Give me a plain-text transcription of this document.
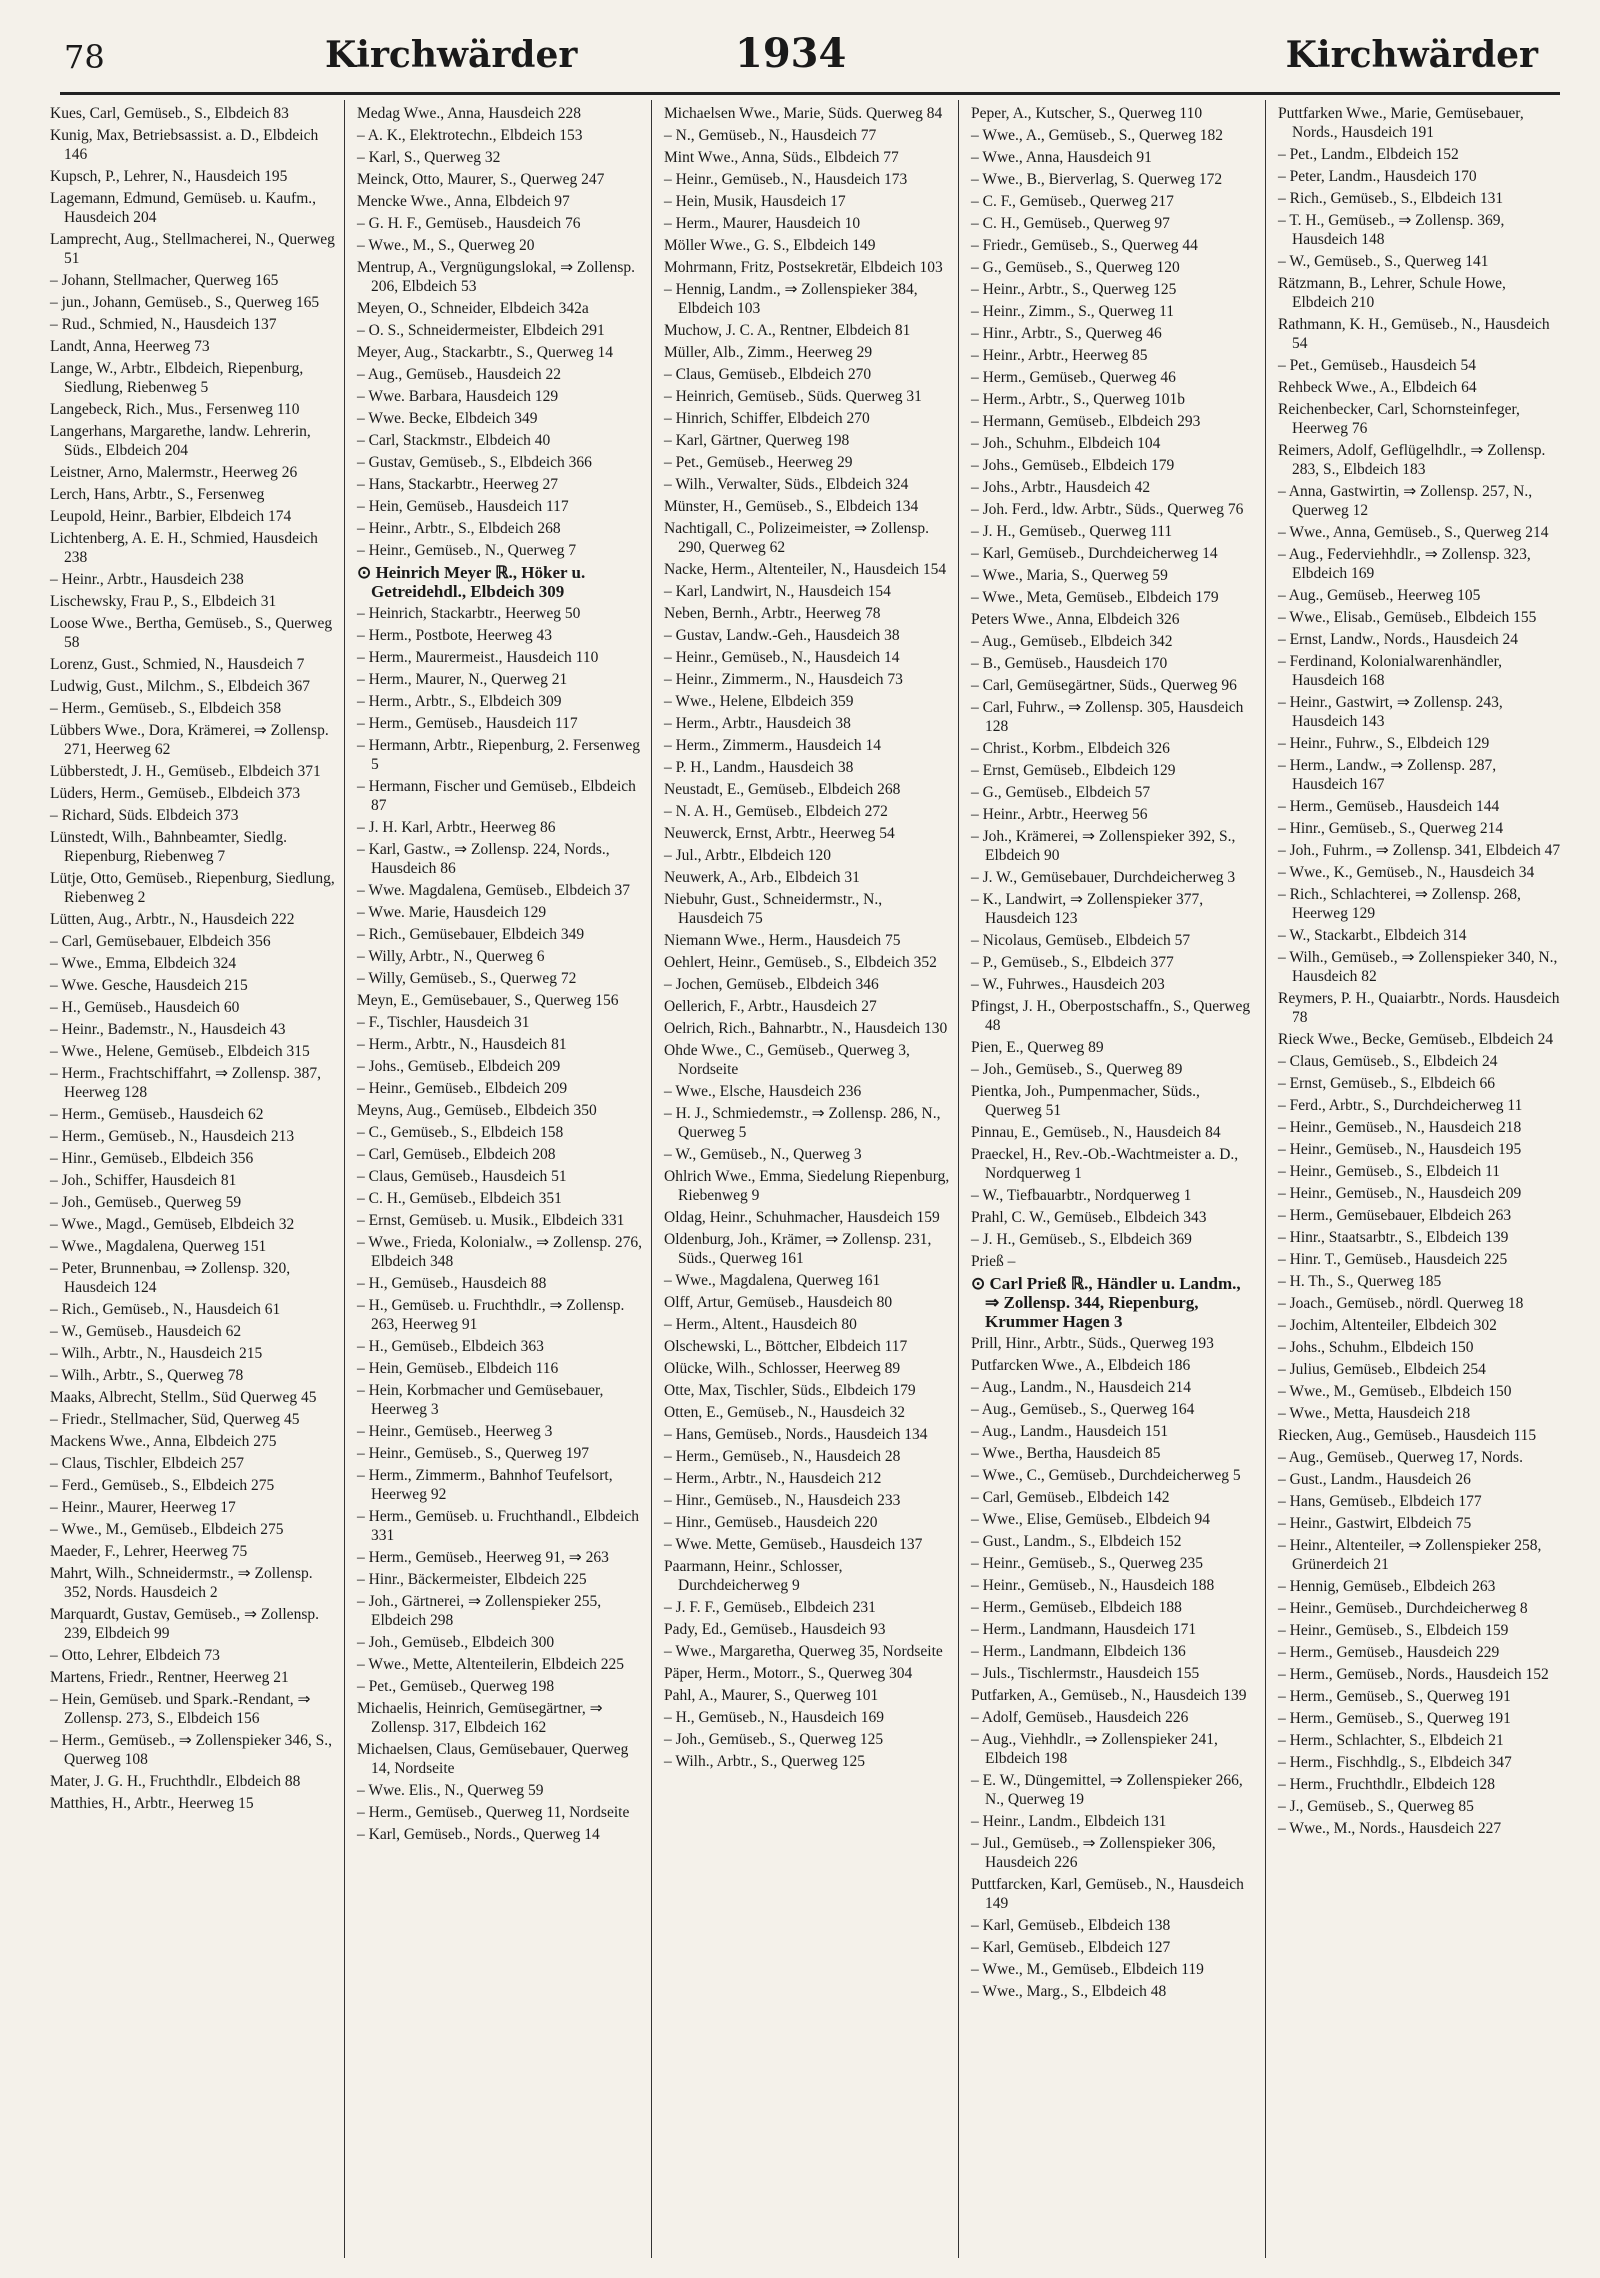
78	Kirchwärder	1934	Kirchwärder

Kues, Carl, Gemüseb., S., Elbdeich 83

Kunig, Max, Betriebsassist. a. D., Elbdeich 146

Kupsch, P., Lehrer, N., Hausdeich 195

Lagemann, Edmund, Gemüseb. u. Kaufm., Hausdeich 204

Lamprecht, Aug., Stellmacherei, N., Querweg 51

– Johann, Stellmacher, Querweg 165

– jun., Johann, Gemüseb., S., Querweg 165

– Rud., Schmied, N., Hausdeich 137

Landt, Anna, Heerweg 73

Lange, W., Arbtr., Elbdeich, Riepenburg, Siedlung, Riebenweg 5

Langebeck, Rich., Mus., Fersenweg 110

Langerhans, Margarethe, landw. Lehrerin, Süds., Elbdeich 204

Leistner, Arno, Malermstr., Heerweg 26

Lerch, Hans, Arbtr., S., Fersenweg

Leupold, Heinr., Barbier, Elbdeich 174

Lichtenberg, A. E. H., Schmied, Hausdeich 238

– Heinr., Arbtr., Hausdeich 238

Lischewsky, Frau P., S., Elbdeich 31

Loose Wwe., Bertha, Gemüseb., S., Querweg 58

Lorenz, Gust., Schmied, N., Hausdeich 7

Ludwig, Gust., Milchm., S., Elbdeich 367

– Herm., Gemüseb., S., Elbdeich 358

Lübbers Wwe., Dora, Krämerei, ⇒ Zollensp. 271, Heerweg 62

Lübberstedt, J. H., Gemüseb., Elbdeich 371

Lüders, Herm., Gemüseb., Elbdeich 373

– Richard, Süds. Elbdeich 373

Lünstedt, Wilh., Bahnbeamter, Siedlg. Riepenburg, Riebenweg 7

Lütje, Otto, Gemüseb., Riepenburg, Siedlung, Riebenweg 2

Lütten, Aug., Arbtr., N., Hausdeich 222

– Carl, Gemüsebauer, Elbdeich 356

– Wwe., Emma, Elbdeich 324

– Wwe. Gesche, Hausdeich 215

– H., Gemüseb., Hausdeich 60

– Heinr., Bademstr., N., Hausdeich 43

– Wwe., Helene, Gemüseb., Elbdeich 315

– Herm., Frachtschiffahrt, ⇒ Zollensp. 387, Heerweg 128

– Herm., Gemüseb., Hausdeich 62

– Herm., Gemüseb., N., Hausdeich 213

– Hinr., Gemüseb., Elbdeich 356

– Joh., Schiffer, Hausdeich 81

– Joh., Gemüseb., Querweg 59

– Wwe., Magd., Gemüseb, Elbdeich 32

– Wwe., Magdalena, Querweg 151

– Peter, Brunnenbau, ⇒ Zollensp. 320, Hausdeich 124

– Rich., Gemüseb., N., Hausdeich 61

– W., Gemüseb., Hausdeich 62

– Wilh., Arbtr., N., Hausdeich 215

– Wilh., Arbtr., S., Querweg 78

Maaks, Albrecht, Stellm., Süd Querweg 45

– Friedr., Stellmacher, Süd, Querweg 45

Mackens Wwe., Anna, Elbdeich 275

– Claus, Tischler, Elbdeich 257

– Ferd., Gemüseb., S., Elbdeich 275

– Heinr., Maurer, Heerweg 17

– Wwe., M., Gemüseb., Elbdeich 275

Maeder, F., Lehrer, Heerweg 75

Mahrt, Wilh., Schneidermstr., ⇒ Zollensp. 352, Nords. Hausdeich 2

Marquardt, Gustav, Gemüseb., ⇒ Zollensp. 239, Elbdeich 99

– Otto, Lehrer, Elbdeich 73

Martens, Friedr., Rentner, Heerweg 21

– Hein, Gemüseb. und Spark.-Rendant, ⇒ Zollensp. 273, S., Elbdeich 156

– Herm., Gemüseb., ⇒ Zollenspieker 346, S., Querweg 108

Mater, J. G. H., Fruchthdlr., Elbdeich 88

Matthies, H., Arbtr., Heerweg 15

Medag Wwe., Anna, Hausdeich 228

– A. K., Elektrotechn., Elbdeich 153

– Karl, S., Querweg 32

Meinck, Otto, Maurer, S., Querweg 247

Mencke Wwe., Anna, Elbdeich 97

– G. H. F., Gemüseb., Hausdeich 76

– Wwe., M., S., Querweg 20

Mentrup, A., Vergnügungslokal, ⇒ Zollensp. 206, Elbdeich 53

Meyen, O., Schneider, Elbdeich 342a

– O. S., Schneidermeister, Elbdeich 291

Meyer, Aug., Stackarbtr., S., Querweg 14

– Aug., Gemüseb., Hausdeich 22

– Wwe. Barbara, Hausdeich 129

– Wwe. Becke, Elbdeich 349

– Carl, Stackmstr., Elbdeich 40

– Gustav, Gemüseb., S., Elbdeich 366

– Hans, Stackarbtr., Heerweg 27

– Hein, Gemüseb., Hausdeich 117

– Heinr., Arbtr., S., Elbdeich 268

– Heinr., Gemüseb., N., Querweg 7

⊙ Heinrich Meyer ℝ., Höker u. Getreidehdl., Elbdeich 309

– Heinrich, Stackarbtr., Heerweg 50

– Herm., Postbote, Heerweg 43

– Herm., Maurermeist., Hausdeich 110

– Herm., Maurer, N., Querweg 21

– Herm., Arbtr., S., Elbdeich 309

– Herm., Gemüseb., Hausdeich 117

– Hermann, Arbtr., Riepenburg, 2. Fersenweg 5

– Hermann, Fischer und Gemüseb., Elbdeich 87

– J. H. Karl, Arbtr., Heerweg 86

– Karl, Gastw., ⇒ Zollensp. 224, Nords., Hausdeich 86

– Wwe. Magdalena, Gemüseb., Elbdeich 37

– Wwe. Marie, Hausdeich 129

– Rich., Gemüsebauer, Elbdeich 349

– Willy, Arbtr., N., Querweg 6

– Willy, Gemüseb., S., Querweg 72

Meyn, E., Gemüsebauer, S., Querweg 156

– F., Tischler, Hausdeich 31

– Herm., Arbtr., N., Hausdeich 81

– Johs., Gemüseb., Elbdeich 209

– Heinr., Gemüseb., Elbdeich 209

Meyns, Aug., Gemüseb., Elbdeich 350

– C., Gemüseb., S., Elbdeich 158

– Carl, Gemüseb., Elbdeich 208

– Claus, Gemüseb., Hausdeich 51

– C. H., Gemüseb., Elbdeich 351

– Ernst, Gemüseb. u. Musik., Elbdeich 331

– Wwe., Frieda, Kolonialw., ⇒ Zollensp. 276, Elbdeich 348

– H., Gemüseb., Hausdeich 88

– H., Gemüseb. u. Fruchthdlr., ⇒ Zollensp. 263, Heerweg 91

– H., Gemüseb., Elbdeich 363

– Hein, Gemüseb., Elbdeich 116

– Hein, Korbmacher und Gemüsebauer, Heerweg 3

– Heinr., Gemüseb., Heerweg 3

– Heinr., Gemüseb., S., Querweg 197

– Herm., Zimmerm., Bahnhof Teufelsort, Heerweg 92

– Herm., Gemüseb. u. Fruchthandl., Elbdeich 331

– Herm., Gemüseb., Heerweg 91, ⇒ 263

– Hinr., Bäckermeister, Elbdeich 225

– Joh., Gärtnerei, ⇒ Zollenspieker 255, Elbdeich 298

– Joh., Gemüseb., Elbdeich 300

– Wwe., Mette, Altenteilerin, Elbdeich 225

– Pet., Gemüseb., Querweg 198

Michaelis, Heinrich, Gemüsegärtner, ⇒ Zollensp. 317, Elbdeich 162

Michaelsen, Claus, Gemüsebauer, Querweg 14, Nordseite

– Wwe. Elis., N., Querweg 59

– Herm., Gemüseb., Querweg 11, Nordseite

– Karl, Gemüseb., Nords., Querweg 14

Michaelsen Wwe., Marie, Süds. Querweg 84

– N., Gemüseb., N., Hausdeich 77

Mint Wwe., Anna, Süds., Elbdeich 77

– Heinr., Gemüseb., N., Hausdeich 173

– Hein, Musik, Hausdeich 17

– Herm., Maurer, Hausdeich 10

Möller Wwe., G. S., Elbdeich 149

Mohrmann, Fritz, Postsekretär, Elbdeich 103

– Hennig, Landm., ⇒ Zollenspieker 384, Elbdeich 103

Muchow, J. C. A., Rentner, Elbdeich 81

Müller, Alb., Zimm., Heerweg 29

– Claus, Gemüseb., Elbdeich 270

– Heinrich, Gemüseb., Süds. Querweg 31

– Hinrich, Schiffer, Elbdeich 270

– Karl, Gärtner, Querweg 198

– Pet., Gemüseb., Heerweg 29

– Wilh., Verwalter, Süds., Elbdeich 324

Münster, H., Gemüseb., S., Elbdeich 134

Nachtigall, C., Polizeimeister, ⇒ Zollensp. 290, Querweg 62

Nacke, Herm., Altenteiler, N., Hausdeich 154

– Karl, Landwirt, N., Hausdeich 154

Neben, Bernh., Arbtr., Heerweg 78

– Gustav, Landw.-Geh., Hausdeich 38

– Heinr., Gemüseb., N., Hausdeich 14

– Heinr., Zimmerm., N., Hausdeich 73

– Wwe., Helene, Elbdeich 359

– Herm., Arbtr., Hausdeich 38

– Herm., Zimmerm., Hausdeich 14

– P. H., Landm., Hausdeich 38

Neustadt, E., Gemüseb., Elbdeich 268

– N. A. H., Gemüseb., Elbdeich 272

Neuwerck, Ernst, Arbtr., Heerweg 54

– Jul., Arbtr., Elbdeich 120

Neuwerk, A., Arb., Elbdeich 31

Niebuhr, Gust., Schneidermstr., N., Hausdeich 75

Niemann Wwe., Herm., Hausdeich 75

Oehlert, Heinr., Gemüseb., S., Elbdeich 352

– Jochen, Gemüseb., Elbdeich 346

Oellerich, F., Arbtr., Hausdeich 27

Oelrich, Rich., Bahnarbtr., N., Hausdeich 130

Ohde Wwe., C., Gemüseb., Querweg 3, Nordseite

– Wwe., Elsche, Hausdeich 236

– H. J., Schmiedemstr., ⇒ Zollensp. 286, N., Querweg 5

– W., Gemüseb., N., Querweg 3

Ohlrich Wwe., Emma, Siedelung Riepenburg, Riebenweg 9

Oldag, Heinr., Schuhmacher, Hausdeich 159

Oldenburg, Joh., Krämer, ⇒ Zollensp. 231, Süds., Querweg 161

– Wwe., Magdalena, Querweg 161

Olff, Artur, Gemüseb., Hausdeich 80

– Herm., Altent., Hausdeich 80

Olschewski, L., Böttcher, Elbdeich 117

Olücke, Wilh., Schlosser, Heerweg 89

Otte, Max, Tischler, Süds., Elbdeich 179

Otten, E., Gemüseb., N., Hausdeich 32

– Hans, Gemüseb., Nords., Hausdeich 134

– Herm., Gemüseb., N., Hausdeich 28

– Herm., Arbtr., N., Hausdeich 212

– Hinr., Gemüseb., N., Hausdeich 233

– Hinr., Gemüseb., Hausdeich 220

– Wwe. Mette, Gemüseb., Hausdeich 137

Paarmann, Heinr., Schlosser, Durchdeicherweg 9

– J. F. F., Gemüseb., Elbdeich 231

Pady, Ed., Gemüseb., Hausdeich 93

– Wwe., Margaretha, Querweg 35, Nordseite

Päper, Herm., Motorr., S., Querweg 304

Pahl, A., Maurer, S., Querweg 101

– H., Gemüseb., N., Hausdeich 169

– Joh., Gemüseb., S., Querweg 125

– Wilh., Arbtr., S., Querweg 125

Peper, A., Kutscher, S., Querweg 110

– Wwe., A., Gemüseb., S., Querweg 182

– Wwe., Anna, Hausdeich 91

– Wwe., B., Bierverlag, S. Querweg 172

– C. F., Gemüseb., Querweg 217

– C. H., Gemüseb., Querweg 97

– Friedr., Gemüseb., S., Querweg 44

– G., Gemüseb., S., Querweg 120

– Heinr., Arbtr., S., Querweg 125

– Heinr., Zimm., S., Querweg 11

– Hinr., Arbtr., S., Querweg 46

– Heinr., Arbtr., Heerweg 85

– Herm., Gemüseb., Querweg 46

– Herm., Arbtr., S., Querweg 101b

– Hermann, Gemüseb., Elbdeich 293

– Joh., Schuhm., Elbdeich 104

– Johs., Gemüseb., Elbdeich 179

– Johs., Arbtr., Hausdeich 42

– Joh. Ferd., ldw. Arbtr., Süds., Querweg 76

– J. H., Gemüseb., Querweg 111

– Karl, Gemüseb., Durchdeicherweg 14

– Wwe., Maria, S., Querweg 59

– Wwe., Meta, Gemüseb., Elbdeich 179

Peters Wwe., Anna, Elbdeich 326

– Aug., Gemüseb., Elbdeich 342

– B., Gemüseb., Hausdeich 170

– Carl, Gemüsegärtner, Süds., Querweg 96

– Carl, Fuhrw., ⇒ Zollensp. 305, Hausdeich 128

– Christ., Korbm., Elbdeich 326

– Ernst, Gemüseb., Elbdeich 129

– G., Gemüseb., Elbdeich 57

– Heinr., Arbtr., Heerweg 56

– Joh., Krämerei, ⇒ Zollenspieker 392, S., Elbdeich 90

– J. W., Gemüsebauer, Durchdeicherweg 3

– K., Landwirt, ⇒ Zollenspieker 377, Hausdeich 123

– Nicolaus, Gemüseb., Elbdeich 57

– P., Gemüseb., S., Elbdeich 377

– W., Fuhrwes., Hausdeich 203

Pfingst, J. H., Oberpostschaffn., S., Querweg 48

Pien, E., Querweg 89

– Joh., Gemüseb., S., Querweg 89

Pientka, Joh., Pumpenmacher, Süds., Querweg 51

Pinnau, E., Gemüseb., N., Hausdeich 84

Praeckel, H., Rev.-Ob.-Wachtmeister a. D., Nordquerweg 1

– W., Tiefbauarbtr., Nordquerweg 1

Prahl, C. W., Gemüseb., Elbdeich 343

– J. H., Gemüseb., S., Elbdeich 369

Prieß –

⊙ Carl Prieß ℝ., Händler u. Landm., ⇒ Zollensp. 344, Riepenburg, Krummer Hagen 3

Prill, Hinr., Arbtr., Süds., Querweg 193

Putfarcken Wwe., A., Elbdeich 186

– Aug., Landm., N., Hausdeich 214

– Aug., Gemüseb., S., Querweg 164

– Aug., Landm., Hausdeich 151

– Wwe., Bertha, Hausdeich 85

– Wwe., C., Gemüseb., Durchdeicherweg 5

– Carl, Gemüseb., Elbdeich 142

– Wwe., Elise, Gemüseb., Elbdeich 94

– Gust., Landm., S., Elbdeich 152

– Heinr., Gemüseb., S., Querweg 235

– Heinr., Gemüseb., N., Hausdeich 188

– Herm., Gemüseb., Elbdeich 188

– Herm., Landmann, Hausdeich 171

– Herm., Landmann, Elbdeich 136

– Juls., Tischlermstr., Hausdeich 155

Putfarken, A., Gemüseb., N., Hausdeich 139

– Adolf, Gemüseb., Hausdeich 226

– Aug., Viehhdlr., ⇒ Zollenspieker 241, Elbdeich 198

– E. W., Düngemittel, ⇒ Zollenspieker 266, N., Querweg 19

– Heinr., Landm., Elbdeich 131

– Jul., Gemüseb., ⇒ Zollenspieker 306, Hausdeich 226

Puttfarcken, Karl, Gemüseb., N., Hausdeich 149

– Karl, Gemüseb., Elbdeich 138

– Karl, Gemüseb., Elbdeich 127

– Wwe., M., Gemüseb., Elbdeich 119

– Wwe., Marg., S., Elbdeich 48

Puttfarken Wwe., Marie, Gemüsebauer, Nords., Hausdeich 191

– Pet., Landm., Elbdeich 152

– Peter, Landm., Hausdeich 170

– Rich., Gemüseb., S., Elbdeich 131

– T. H., Gemüseb., ⇒ Zollensp. 369, Hausdeich 148

– W., Gemüseb., S., Querweg 141

Rätzmann, B., Lehrer, Schule Howe, Elbdeich 210

Rathmann, K. H., Gemüseb., N., Hausdeich 54

– Pet., Gemüseb., Hausdeich 54

Rehbeck Wwe., A., Elbdeich 64

Reichenbecker, Carl, Schornsteinfeger, Heerweg 76

Reimers, Adolf, Geflügelhdlr., ⇒ Zollensp. 283, S., Elbdeich 183

– Anna, Gastwirtin, ⇒ Zollensp. 257, N., Querweg 12

– Wwe., Anna, Gemüseb., S., Querweg 214

– Aug., Federviehhdlr., ⇒ Zollensp. 323, Elbdeich 169

– Aug., Gemüseb., Heerweg 105

– Wwe., Elisab., Gemüseb., Elbdeich 155

– Ernst, Landw., Nords., Hausdeich 24

– Ferdinand, Kolonialwarenhändler, Hausdeich 168

– Heinr., Gastwirt, ⇒ Zollensp. 243, Hausdeich 143

– Heinr., Fuhrw., S., Elbdeich 129

– Herm., Landw., ⇒ Zollensp. 287, Hausdeich 167

– Herm., Gemüseb., Hausdeich 144

– Hinr., Gemüseb., S., Querweg 214

– Joh., Fuhrm., ⇒ Zollensp. 341, Elbdeich 47

– Wwe., K., Gemüseb., N., Hausdeich 34

– Rich., Schlachterei, ⇒ Zollensp. 268, Heerweg 129

– W., Stackarbt., Elbdeich 314

– Wilh., Gemüseb., ⇒ Zollenspieker 340, N., Hausdeich 82

Reymers, P. H., Quaiarbtr., Nords. Hausdeich 78

Rieck Wwe., Becke, Gemüseb., Elbdeich 24

– Claus, Gemüseb., S., Elbdeich 24

– Ernst, Gemüseb., S., Elbdeich 66

– Ferd., Arbtr., S., Durchdeicherweg 11

– Heinr., Gemüseb., N., Hausdeich 218

– Heinr., Gemüseb., N., Hausdeich 195

– Heinr., Gemüseb., S., Elbdeich 11

– Heinr., Gemüseb., N., Hausdeich 209

– Herm., Gemüsebauer, Elbdeich 263

– Hinr., Staatsarbtr., S., Elbdeich 139

– Hinr. T., Gemüseb., Hausdeich 225

– H. Th., S., Querweg 185

– Joach., Gemüseb., nördl. Querweg 18

– Jochim, Altenteiler, Elbdeich 302

– Johs., Schuhm., Elbdeich 150

– Julius, Gemüseb., Elbdeich 254

– Wwe., M., Gemüseb., Elbdeich 150

– Wwe., Metta, Hausdeich 218

Riecken, Aug., Gemüseb., Hausdeich 115

– Aug., Gemüseb., Querweg 17, Nords.

– Gust., Landm., Hausdeich 26

– Hans, Gemüseb., Elbdeich 177

– Heinr., Gastwirt, Elbdeich 75

– Heinr., Altenteiler, ⇒ Zollenspieker 258, Grünerdeich 21

– Hennig, Gemüseb., Elbdeich 263

– Heinr., Gemüseb., Durchdeicherweg 8

– Heinr., Gemüseb., S., Elbdeich 159

– Herm., Gemüseb., Hausdeich 229

– Herm., Gemüseb., Nords., Hausdeich 152

– Herm., Gemüseb., S., Querweg 191

– Herm., Gemüseb., S., Querweg 191

– Herm., Schlachter, S., Elbdeich 21

– Herm., Fischhdlg., S., Elbdeich 347

– Herm., Fruchthdlr., Elbdeich 128

– J., Gemüseb., S., Querweg 85

– Wwe., M., Nords., Hausdeich 227
